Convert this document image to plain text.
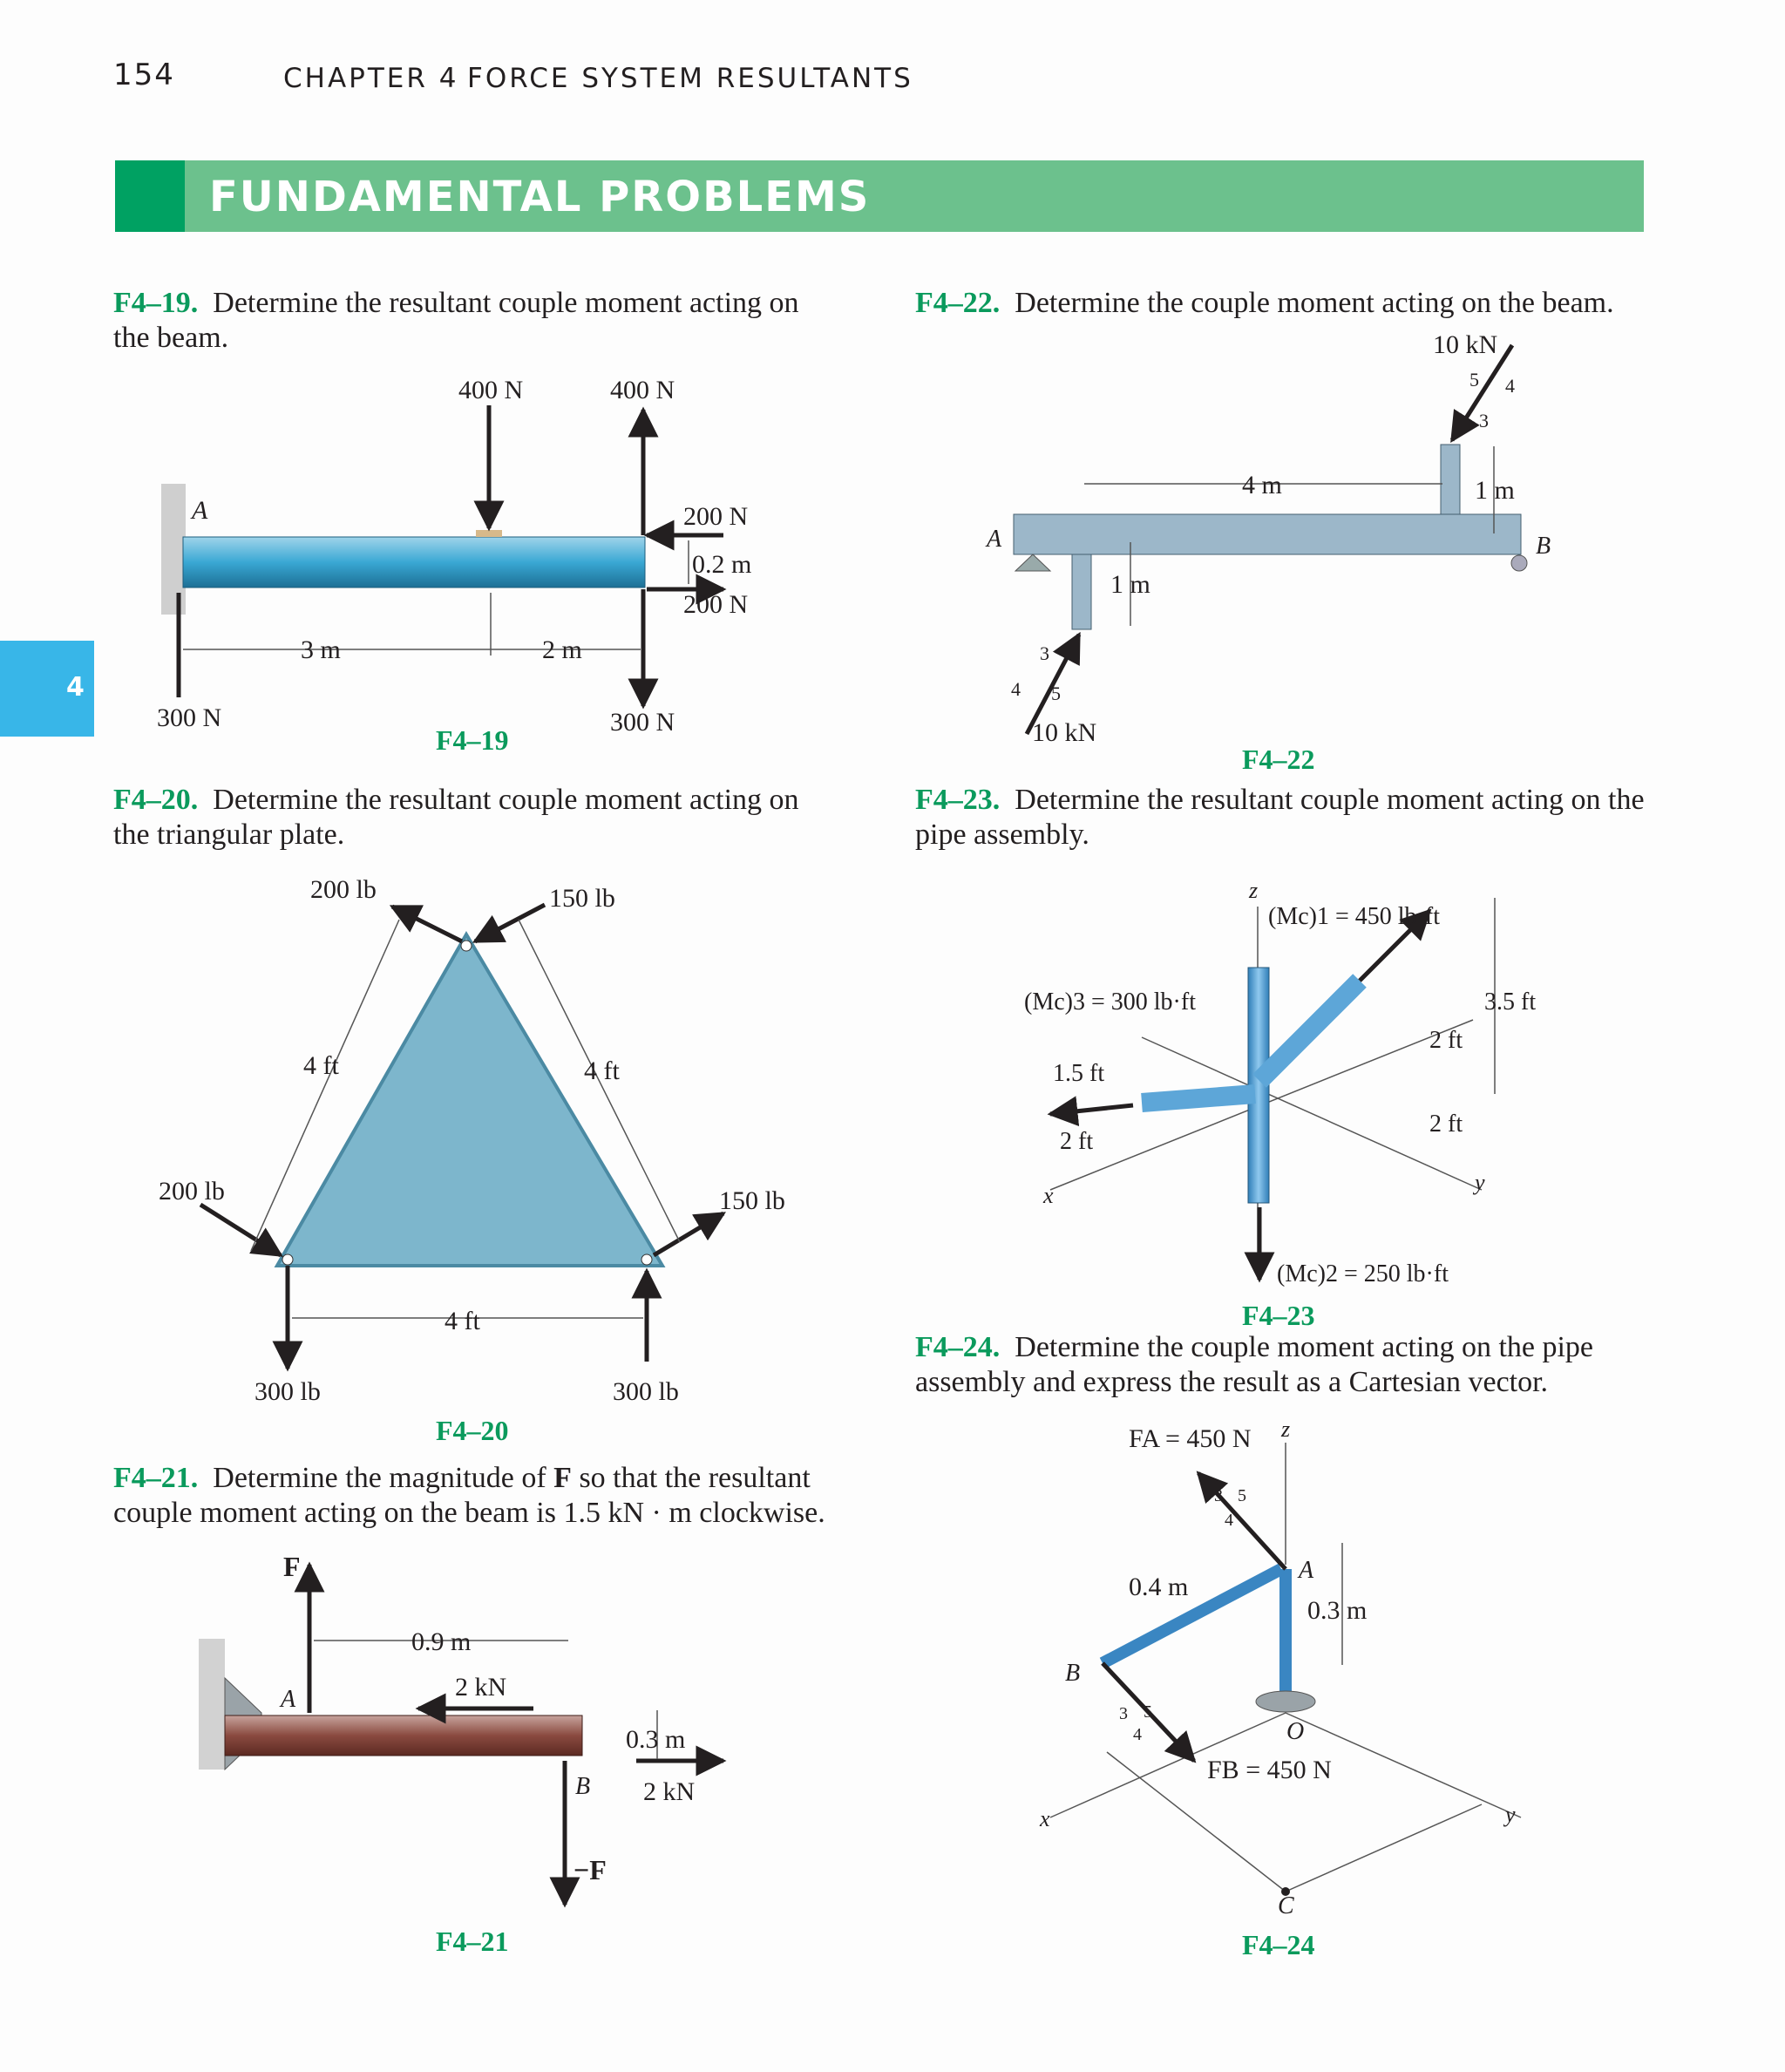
154	CHAPTER 4 FORCE SYSTEM RESULTANTS
FUNDAMENTAL PROBLEMS
4
F4–19. Determine the resultant couple moment acting on the beam.
F4–20. Determine the resultant couple moment acting on the triangular plate.
F4–21. Determine the magnitude of F so that the resultant couple moment acting on the beam is 1.5 kN · m clockwise.
F4–22. Determine the couple moment acting on the beam.
F4–23. Determine the resultant couple moment acting on the pipe assembly.
F4–24. Determine the couple moment acting on the pipe assembly and express the result as a Cartesian vector.
A
400 N	400 N
200 N
200 N
300 N	300 N
3 m	2 m
0.2 m
F4–19
200 lb	150 lb
200 lb	150 lb
300 lb	300 lb
4 ft	4 ft
4 ft
F4–20
F
2 kN
2 kN
−F
0.9 m
0.3 m
A
B
F4–21
10 kN
10 kN
4 m	1 m
1 m
5 4
3
3
4 5
A	B
F4–22
z
x
y
(Mc)1 = 450 lb·ft
(Mc)3 = 300 lb·ft
(Mc)2 = 250 lb·ft
3.5 ft
2 ft
1.5 ft
2 ft
2 ft
F4–23
FA = 450 N
FB = 450 N
0.4 m
0.3 m
3 5
4
3 5
4
A
B
O
C
z
x	y
F4–24
